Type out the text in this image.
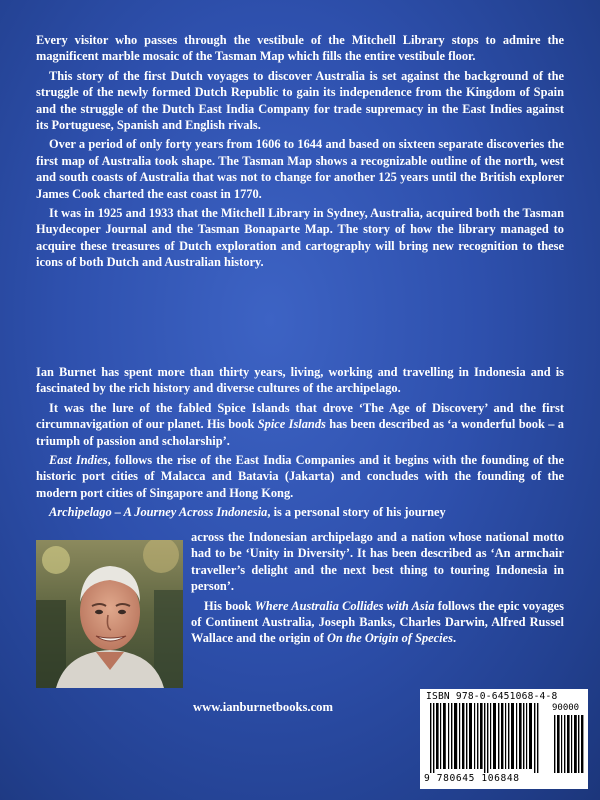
Every visitor who passes through the vestibule of the Mitchell Library stops to admire the magnificent marble mosaic of the Tasman Map which fills the entire vestibule floor.

This story of the first Dutch voyages to discover Australia is set against the background of the struggle of the newly formed Dutch Republic to gain its independence from the Kingdom of Spain and the struggle of the Dutch East India Company for trade supremacy in the East Indies against its Portuguese, Spanish and English rivals.

Over a period of only forty years from 1606 to 1644 and based on sixteen separate discoveries the first map of Australia took shape. The Tasman Map shows a recognizable outline of the north, west and south coasts of Australia that was not to change for another 125 years until the British explorer James Cook charted the east coast in 1770.

It was in 1925 and 1933 that the Mitchell Library in Sydney, Australia, acquired both the Tasman Huydecoper Journal and the Tasman Bonaparte Map. The story of how the library managed to acquire these treasures of Dutch exploration and cartography will bring new recognition to these icons of both Dutch and Australian history.

Ian Burnet has spent more than thirty years, living, working and travelling in Indonesia and is fascinated by the rich history and diverse cultures of the archipelago.

It was the lure of the fabled Spice Islands that drove ‘The Age of Discovery’ and the first circumnavigation of our planet. His book Spice Islands has been described as ‘a wonderful book – a triumph of passion and scholarship’.

East Indies, follows the rise of the East India Companies and it begins with the founding of the historic port cities of Malacca and Batavia (Jakarta) and concludes with the founding of the modern port cities of Singapore and Hong Kong.

Archipelago – A Journey Across Indonesia, is a personal story of his journey

across the Indonesian archipelago and a nation whose national motto had to be ‘Unity in Diversity’. It has been described as ‘An armchair traveller’s delight and the next best thing to touring Indonesia in person’.

His book Where Australia Collides with Asia follows the epic voyages of Continent Australia, Joseph Banks, Charles Darwin, Alfred Russel Wallace and the origin of On the Origin of Species.

www.ianburnetbooks.com
ISBN 978-0-6451068-4-8
90000
9 780645 106848
